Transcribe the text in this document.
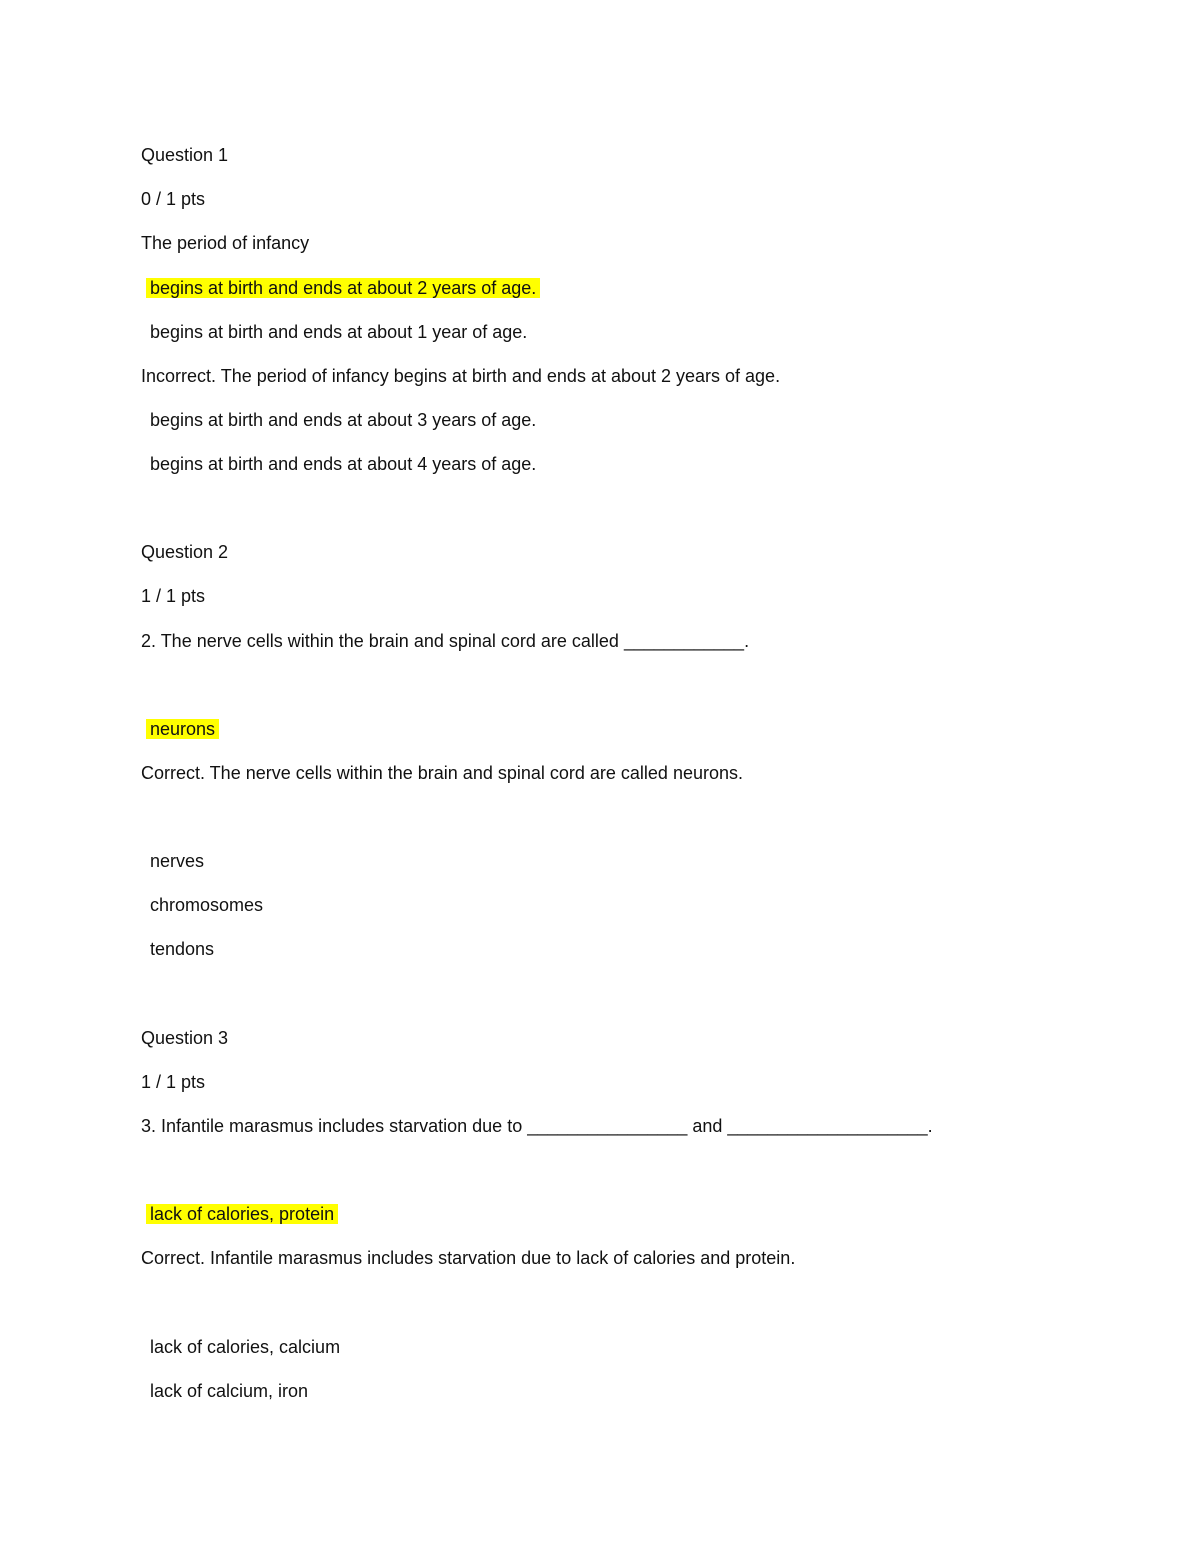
Question 1
0 / 1 pts
The period of infancy
begins at birth and ends at about 2 years of age.
begins at birth and ends at about 1 year of age.
Incorrect. The period of infancy begins at birth and ends at about 2 years of age.
begins at birth and ends at about 3 years of age.
begins at birth and ends at about 4 years of age.
Question 2
1 / 1 pts
2. The nerve cells within the brain and spinal cord are called ____________.
neurons
Correct. The nerve cells within the brain and spinal cord are called neurons.
nerves
chromosomes
tendons
Question 3
1 / 1 pts
3. Infantile marasmus includes starvation due to ________________ and ____________________.
lack of calories, protein
Correct. Infantile marasmus includes starvation due to lack of calories and protein.
lack of calories, calcium
lack of calcium, iron
